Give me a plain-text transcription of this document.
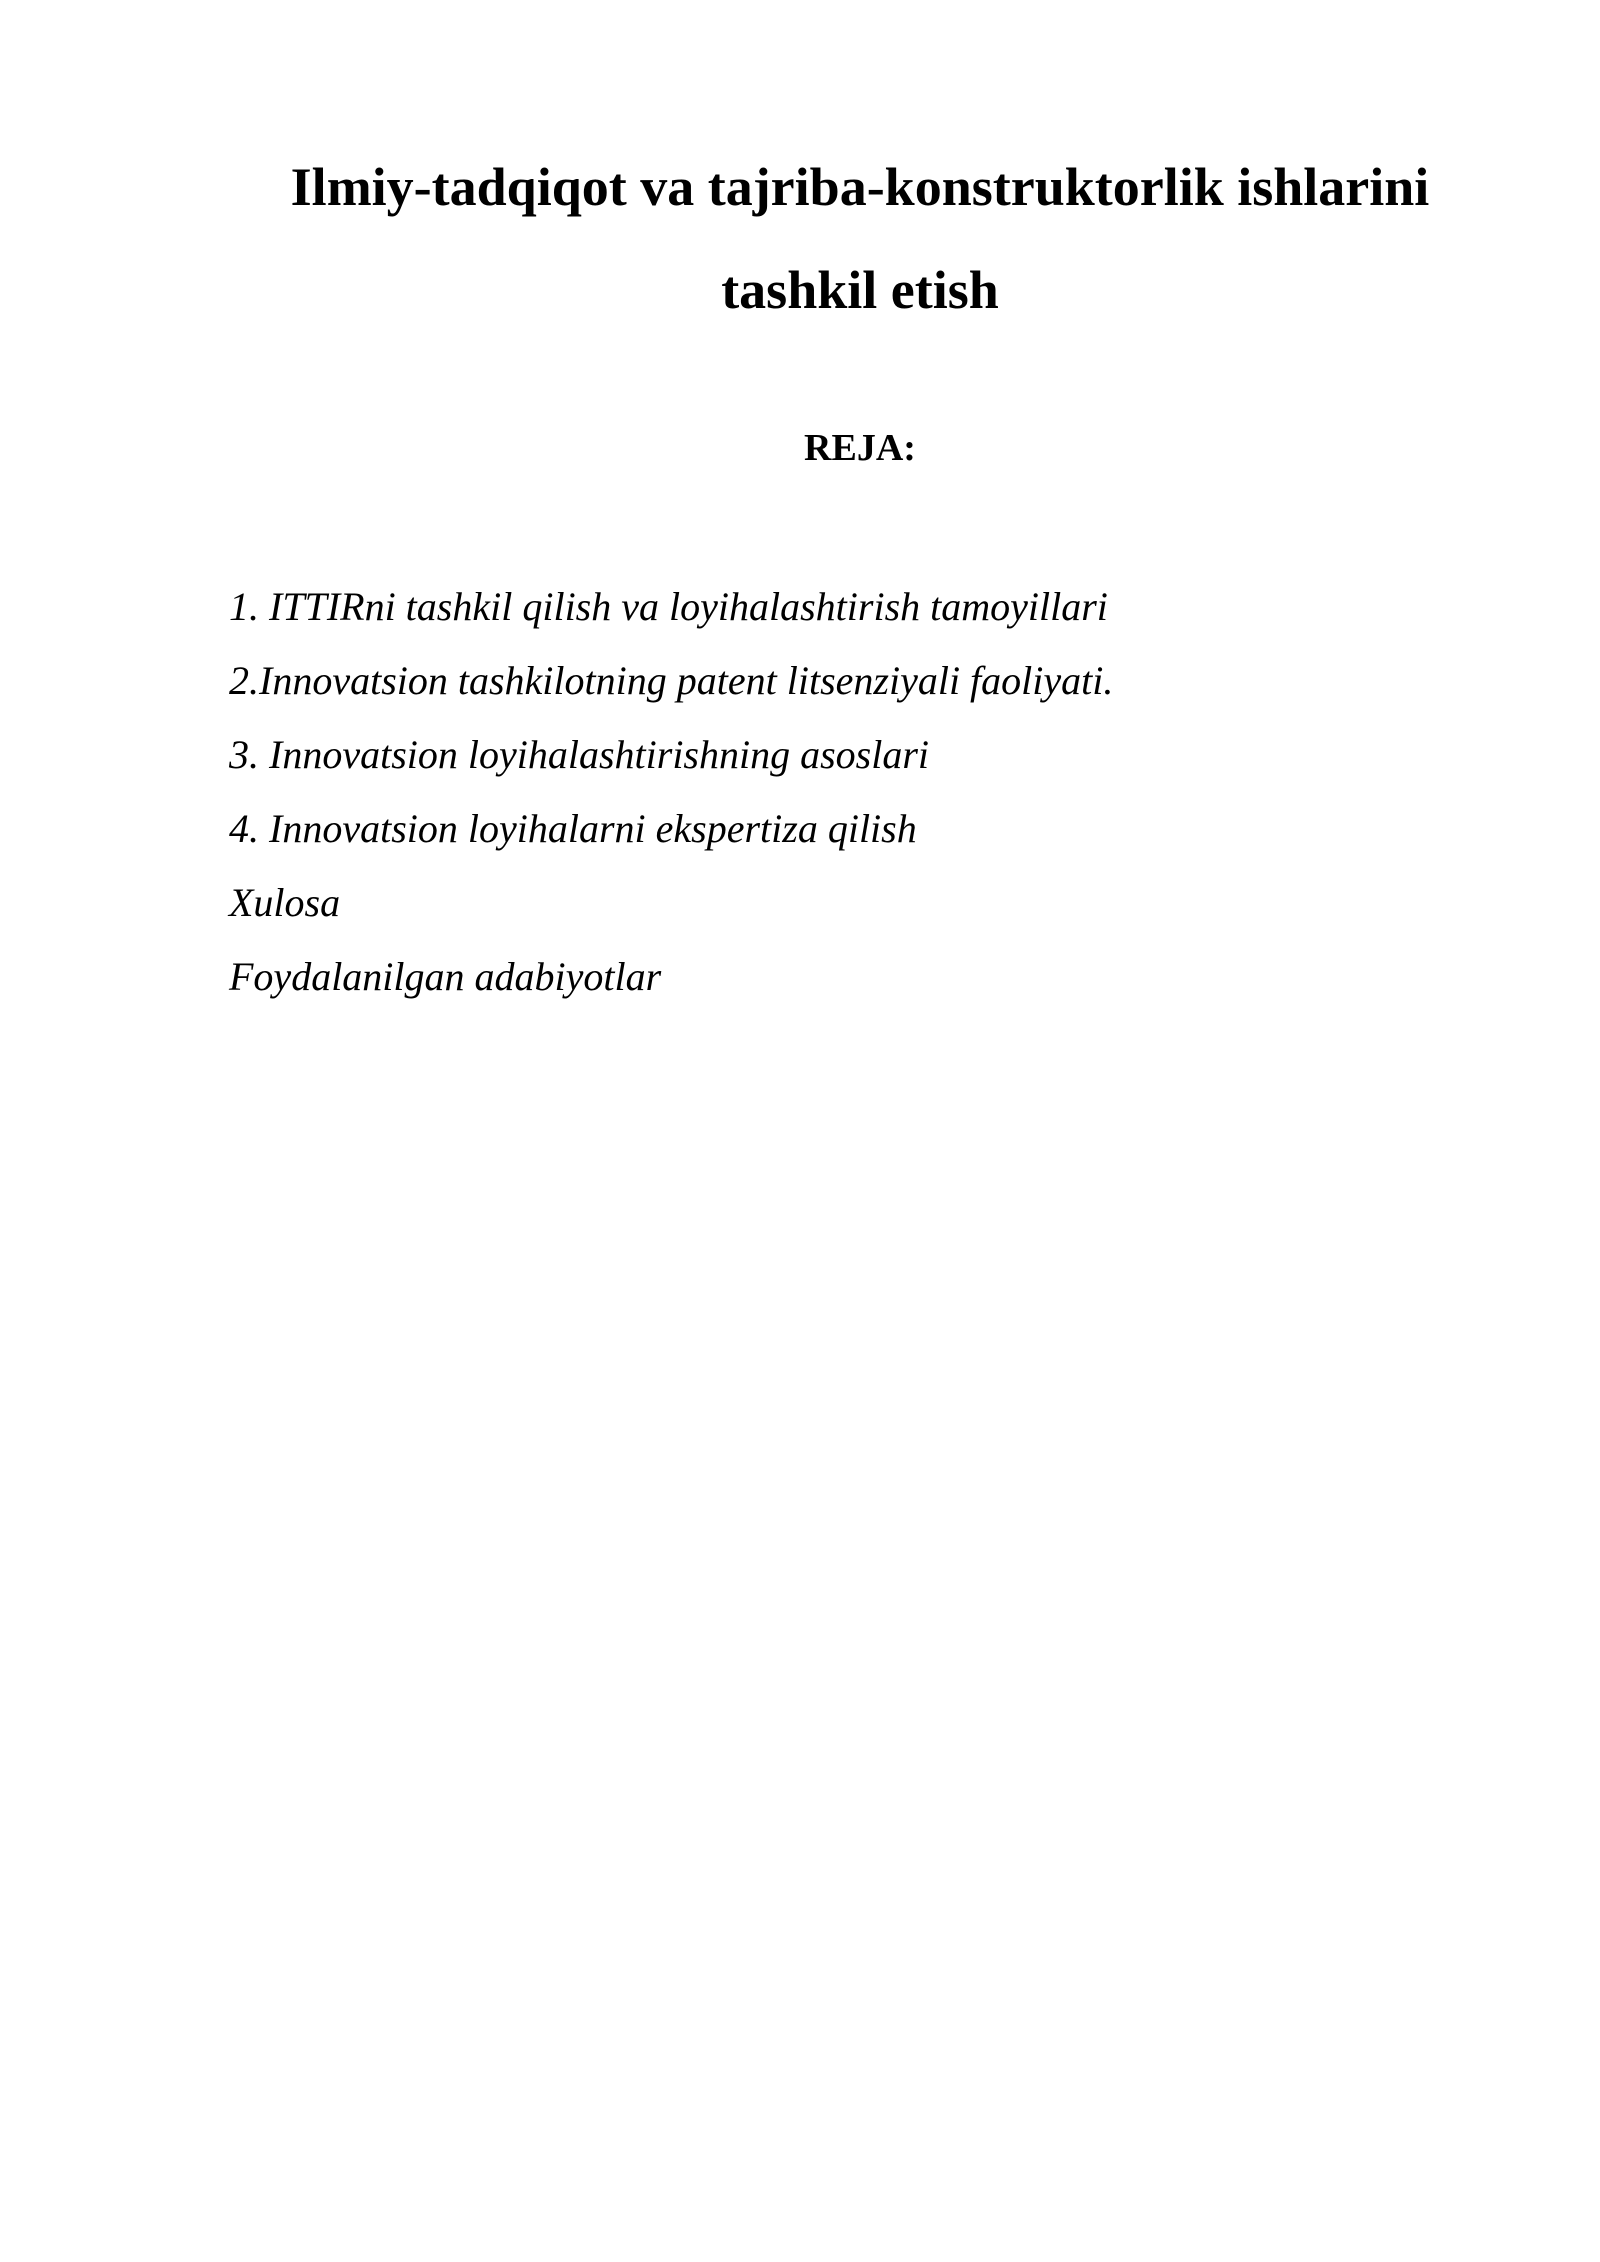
Ilmiy-tadqiqot va tajriba-konstruktorlik ishlarini
tashkil etish
REJA:
1. ITTIRni tashkil qilish va loyihalashtirish tamoyillari
2.Innovatsion tashkilotning patent litsenziyali faoliyati.
3. Innovatsion loyihalashtirishning asoslari
4. Innovatsion loyihalarni ekspertiza qilish
Xulosa
Foydalanilgan adabiyotlar
